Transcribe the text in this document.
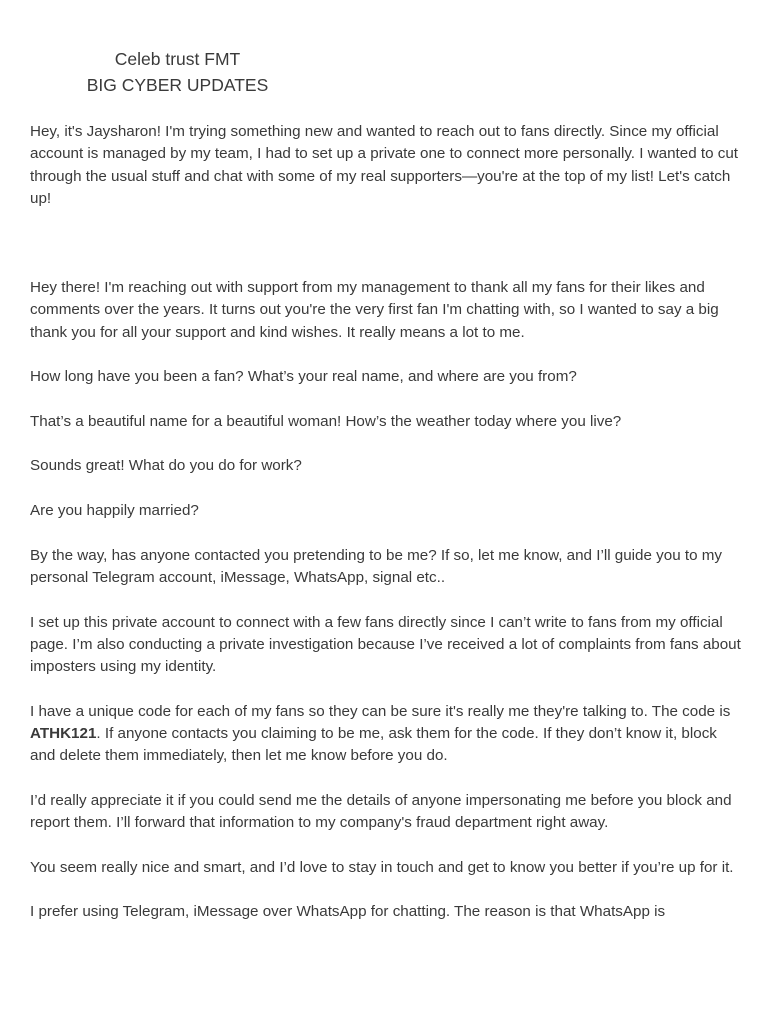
Celeb trust FMT
BIG CYBER UPDATES

Hey, it's Jaysharon! I'm trying something new and wanted to reach out to fans directly. Since my official account is managed by my team, I had to set up a private one to connect more personally. I wanted to cut through the usual stuff and chat with some of my real supporters—you're at the top of my list! Let's catch up!

Hey there! I'm reaching out with support from my management to thank all my fans for their likes and comments over the years. It turns out you're the very first fan I'm chatting with, so I wanted to say a big thank you for all your support and kind wishes. It really means a lot to me.

How long have you been a fan? What’s your real name, and where are you from?

That’s a beautiful name for a beautiful woman! How’s the weather today where you live?

Sounds great! What do you do for work?

Are you happily married?

By the way, has anyone contacted you pretending to be me? If so, let me know, and I’ll guide you to my personal Telegram account, iMessage, WhatsApp, signal etc..

I set up this private account to connect with a few fans directly since I can’t write to fans from my official page. I’m also conducting a private investigation because I’ve received a lot of complaints from fans about imposters using my identity.

I have a unique code for each of my fans so they can be sure it's really me they're talking to. The code is ATHK121. If anyone contacts you claiming to be me, ask them for the code. If they don’t know it, block and delete them immediately, then let me know before you do.

I’d really appreciate it if you could send me the details of anyone impersonating me before you block and report them. I’ll forward that information to my company's fraud department right away.

You seem really nice and smart, and I’d love to stay in touch and get to know you better if you’re up for it.

I prefer using Telegram, iMessage over WhatsApp for chatting. The reason is that WhatsApp is
